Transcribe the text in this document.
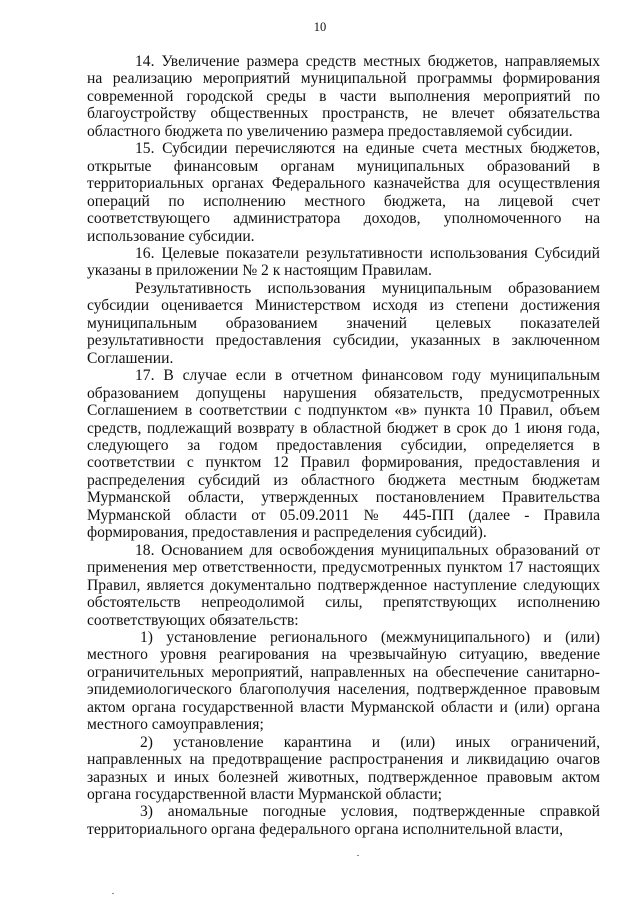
10

14. Увеличение размера средств местных бюджетов, направляемых на реализацию мероприятий муниципальной программы формирования современной городской среды в части выполнения мероприятий по благоустройству общественных пространств, не влечет обязательства областного бюджета по увеличению размера предоставляемой субсидии.

15. Субсидии перечисляются на единые счета местных бюджетов, открытые финансовым органам муниципальных образований в территориальных органах Федерального казначейства для осуществления операций по исполнению местного бюджета, на лицевой счет соответствующего администратора доходов, уполномоченного на использование субсидии.

16. Целевые показатели результативности использования Субсидий указаны в приложении № 2 к настоящим Правилам.

Результативность использования муниципальным образованием субсидии оценивается Министерством исходя из степени достижения муниципальным образованием значений целевых показателей результативности предоставления субсидии, указанных в заключенном Соглашении.

17. В случае если в отчетном финансовом году муниципальным образованием допущены нарушения обязательств, предусмотренных Соглашением в соответствии с подпунктом «в» пункта 10 Правил, объем средств, подлежащий возврату в областной бюджет в срок до 1 июня года, следующего за годом предоставления субсидии, определяется в соответствии с пунктом 12 Правил формирования, предоставления и распределения субсидий из областного бюджета местным бюджетам Мурманской области, утвержденных постановлением Правительства Мурманской области от 05.09.2011 № 445-ПП (далее - Правила формирования, предоставления и распределения субсидий).

18. Основанием для освобождения муниципальных образований от применения мер ответственности, предусмотренных пунктом 17 настоящих Правил, является документально подтвержденное наступление следующих обстоятельств непреодолимой силы, препятствующих исполнению соответствующих обязательств:

1) установление регионального (межмуниципального) и (или) местного уровня реагирования на чрезвычайную ситуацию, введение ограничительных мероприятий, направленных на обеспечение санитарно-эпидемиологического благополучия населения, подтвержденное правовым актом органа государственной власти Мурманской области и (или) органа местного самоуправления;

2) установление карантина и (или) иных ограничений, направленных на предотвращение распространения и ликвидацию очагов заразных и иных болезней животных, подтвержденное правовым актом органа государственной власти Мурманской области;

3) аномальные погодные условия, подтвержденные справкой территориального органа федерального органа исполнительной власти,
